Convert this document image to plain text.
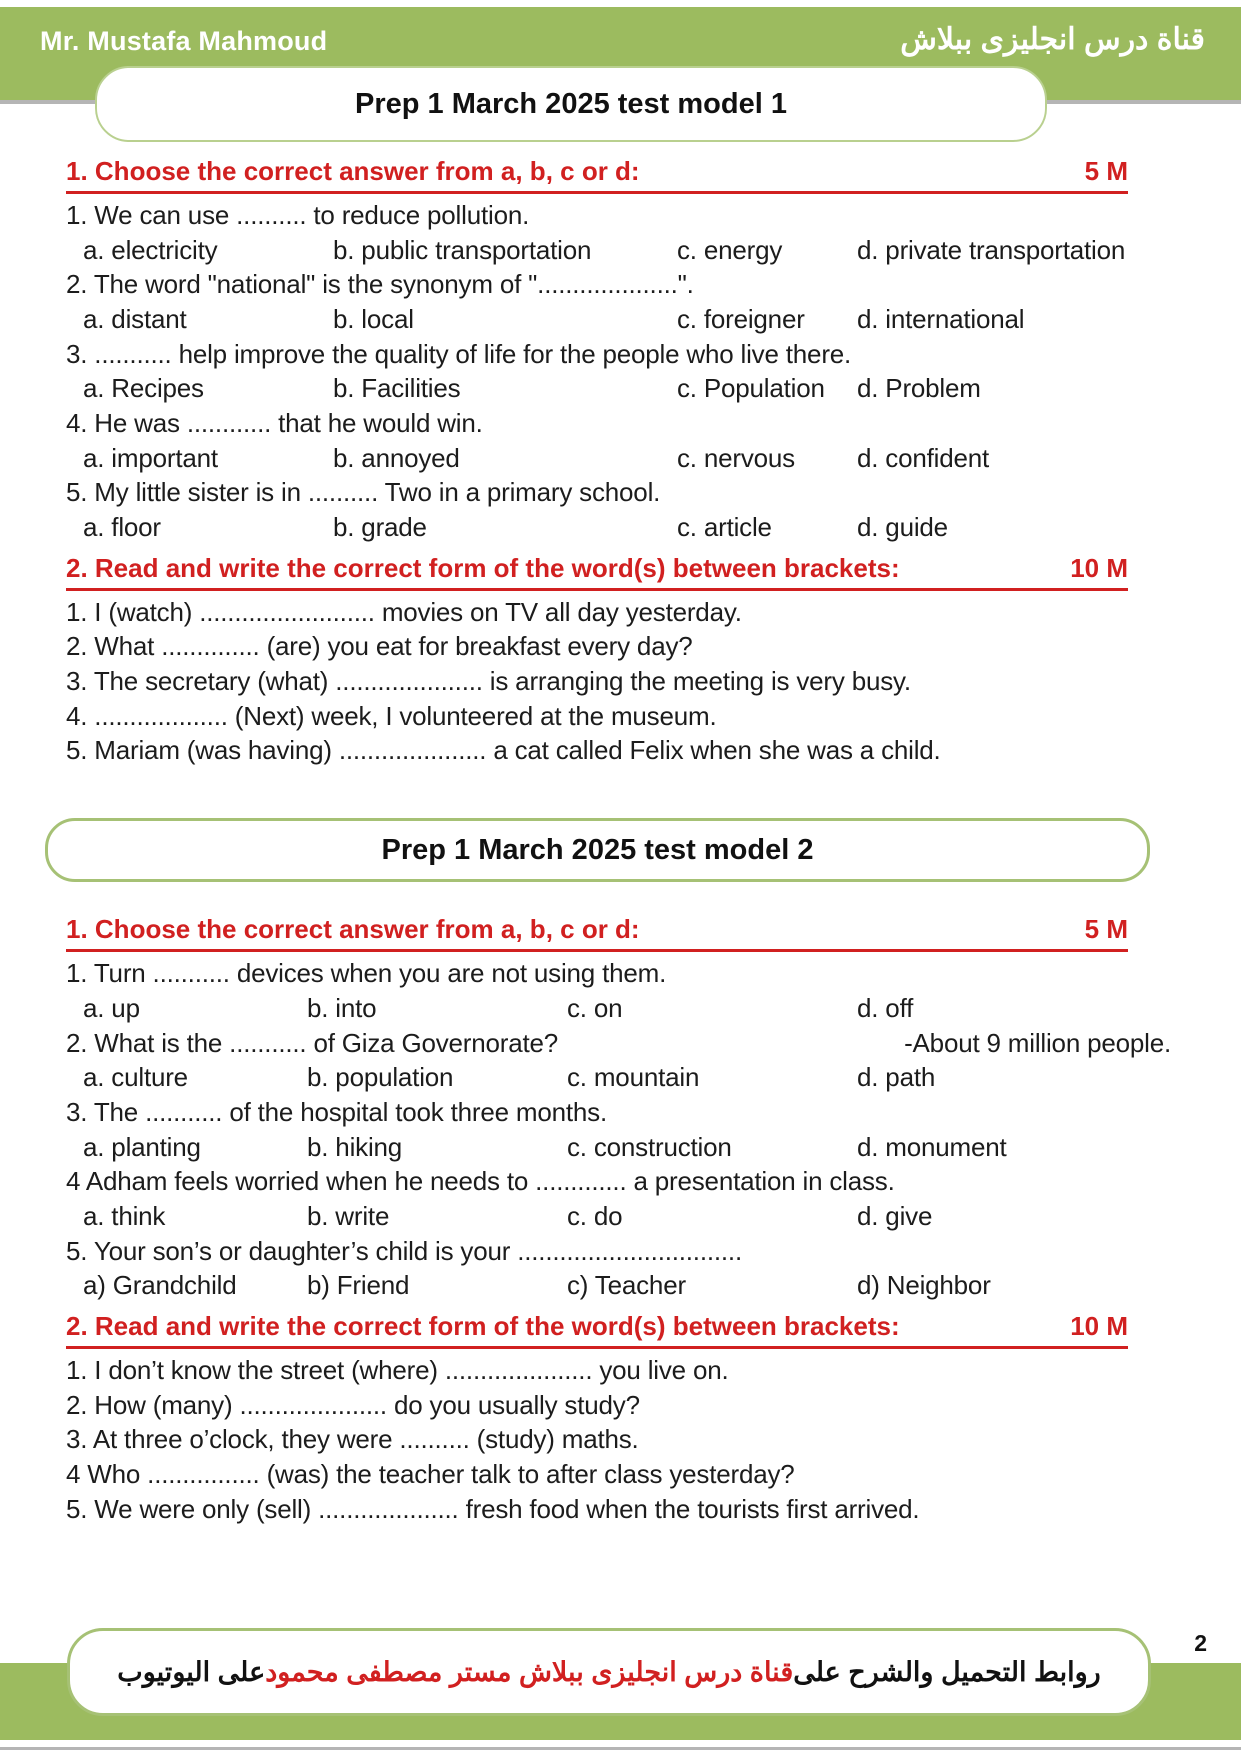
Mr. Mustafa Mahmoud	قناة درس انجليزى ببلاش
Prep 1 March 2025 test model 1
1. Choose the correct answer from a, b, c or d:	5 M
1. We can use .......... to reduce pollution.
a. electricity	b. public transportation	c. energy	d. private transportation
2. The word "national" is the synonym of "....................".
a. distant	b. local	c. foreigner	d. international
3. ........... help improve the quality of life for the people who live there.
a. Recipes	b. Facilities	c. Population	d. Problem
4. He was ............ that he would win.
a. important	b. annoyed	c. nervous	d. confident
5. My little sister is in .......... Two in a primary school.
a. floor	b. grade	c. article	d. guide
2. Read and write the correct form of the word(s) between brackets:	10 M
1. I (watch) ......................... movies on TV all day yesterday.
2. What .............. (are) you eat for breakfast every day?
3. The secretary (what) ..................... is arranging the meeting is very busy.
4. ................... (Next) week, I volunteered at the museum.
5. Mariam (was having) ..................... a cat called Felix when she was a child.
Prep 1 March 2025 test model 2
1. Choose the correct answer from a, b, c or d:	5 M
1. Turn ........... devices when you are not using them.
a. up	b. into	c. on	d. off
2. What is the ........... of Giza Governorate?	-About 9 million people.
a. culture	b. population	c. mountain	d. path
3. The ........... of the hospital took three months.
a. planting	b. hiking	c. construction	d. monument
4 Adham feels worried when he needs to ............. a presentation in class.
a. think	b. write	c. do	d. give
5. Your son’s or daughter’s child is your ................................
a) Grandchild	b) Friend	c) Teacher	d) Neighbor
2. Read and write the correct form of the word(s) between brackets:	10 M
1. I don’t know the street (where) ..................... you live on.
2. How (many) ..................... do you usually study?
3. At three o’clock, they were .......... (study) maths.
4 Who ................ (was) the teacher talk to after class yesterday?
5. We were only (sell) .................... fresh food when the tourists first arrived.
روابط التحميل والشرح على
قناة درس انجليزى ببلاش مستر مصطفى محمود
على اليوتيوب
2
